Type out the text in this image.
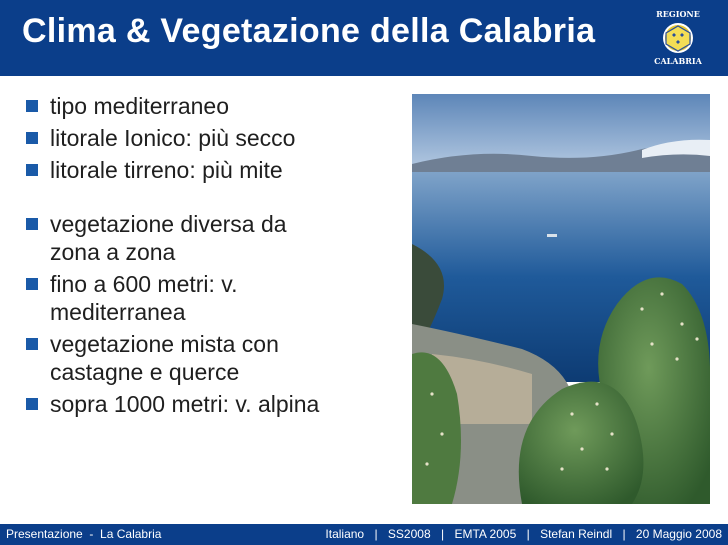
Clima & Vegetazione della Calabria	REGIONE
CALABRIA
tipo mediterraneo
litorale Ionico: più secco
litorale tirreno: più mite
vegetazione diversa da zona a zona
fino a 600 metri: v. mediterranea
vegetazione mista con castagne e querce
sopra 1000 metri: v. alpina
Presentazione  -  La Calabria	Italiano | SS2008 | EMTA 2005 | Stefan Reindl | 20 Maggio 2008
